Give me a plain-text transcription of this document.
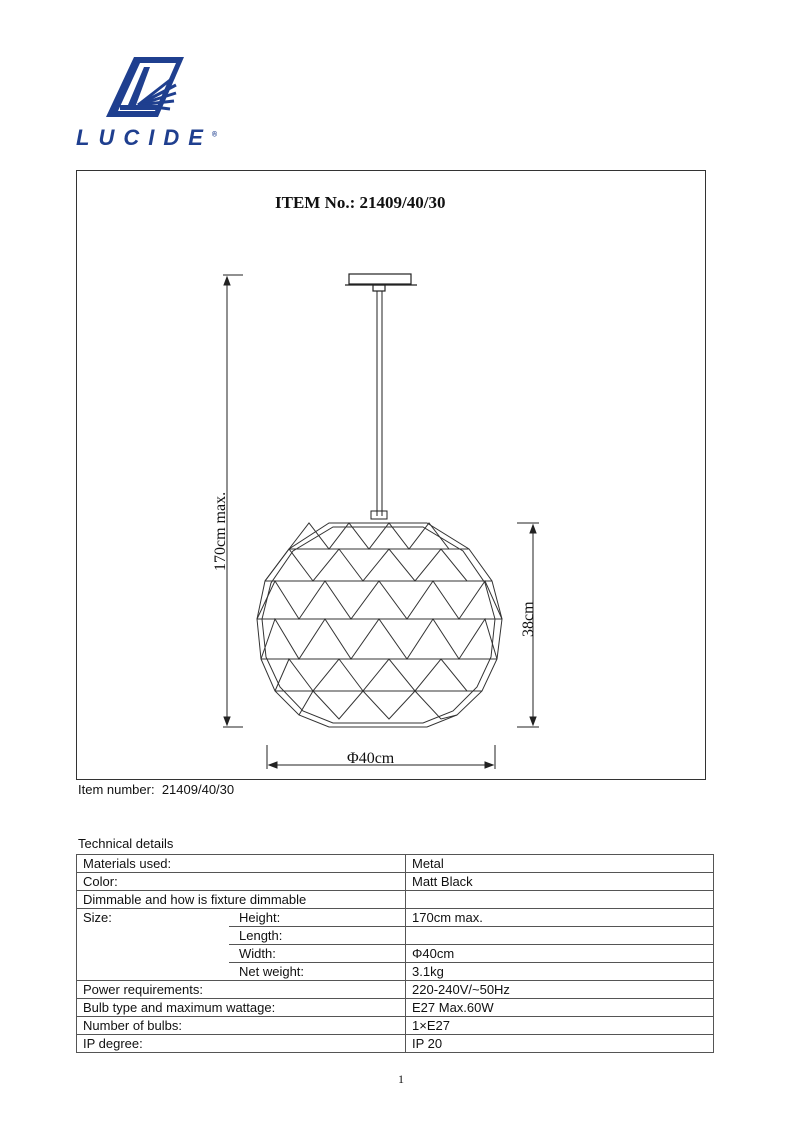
LUCIDE®
ITEM No.: 21409/40/30
170cm max.
38cm
Φ40cm
Item number: 21409/40/30
Technical details
Materials used:		Metal
Color:		Matt Black
Dimmable and how is fixture dimmable		
Size:	Height:	170cm max.
	Length:	
	Width:	Φ40cm
	Net weight:	3.1kg
Power requirements:		220-240V/~50Hz
Bulb type and maximum wattage:		E27 Max.60W
Number of bulbs:		1×E27
IP degree:		IP 20
1
